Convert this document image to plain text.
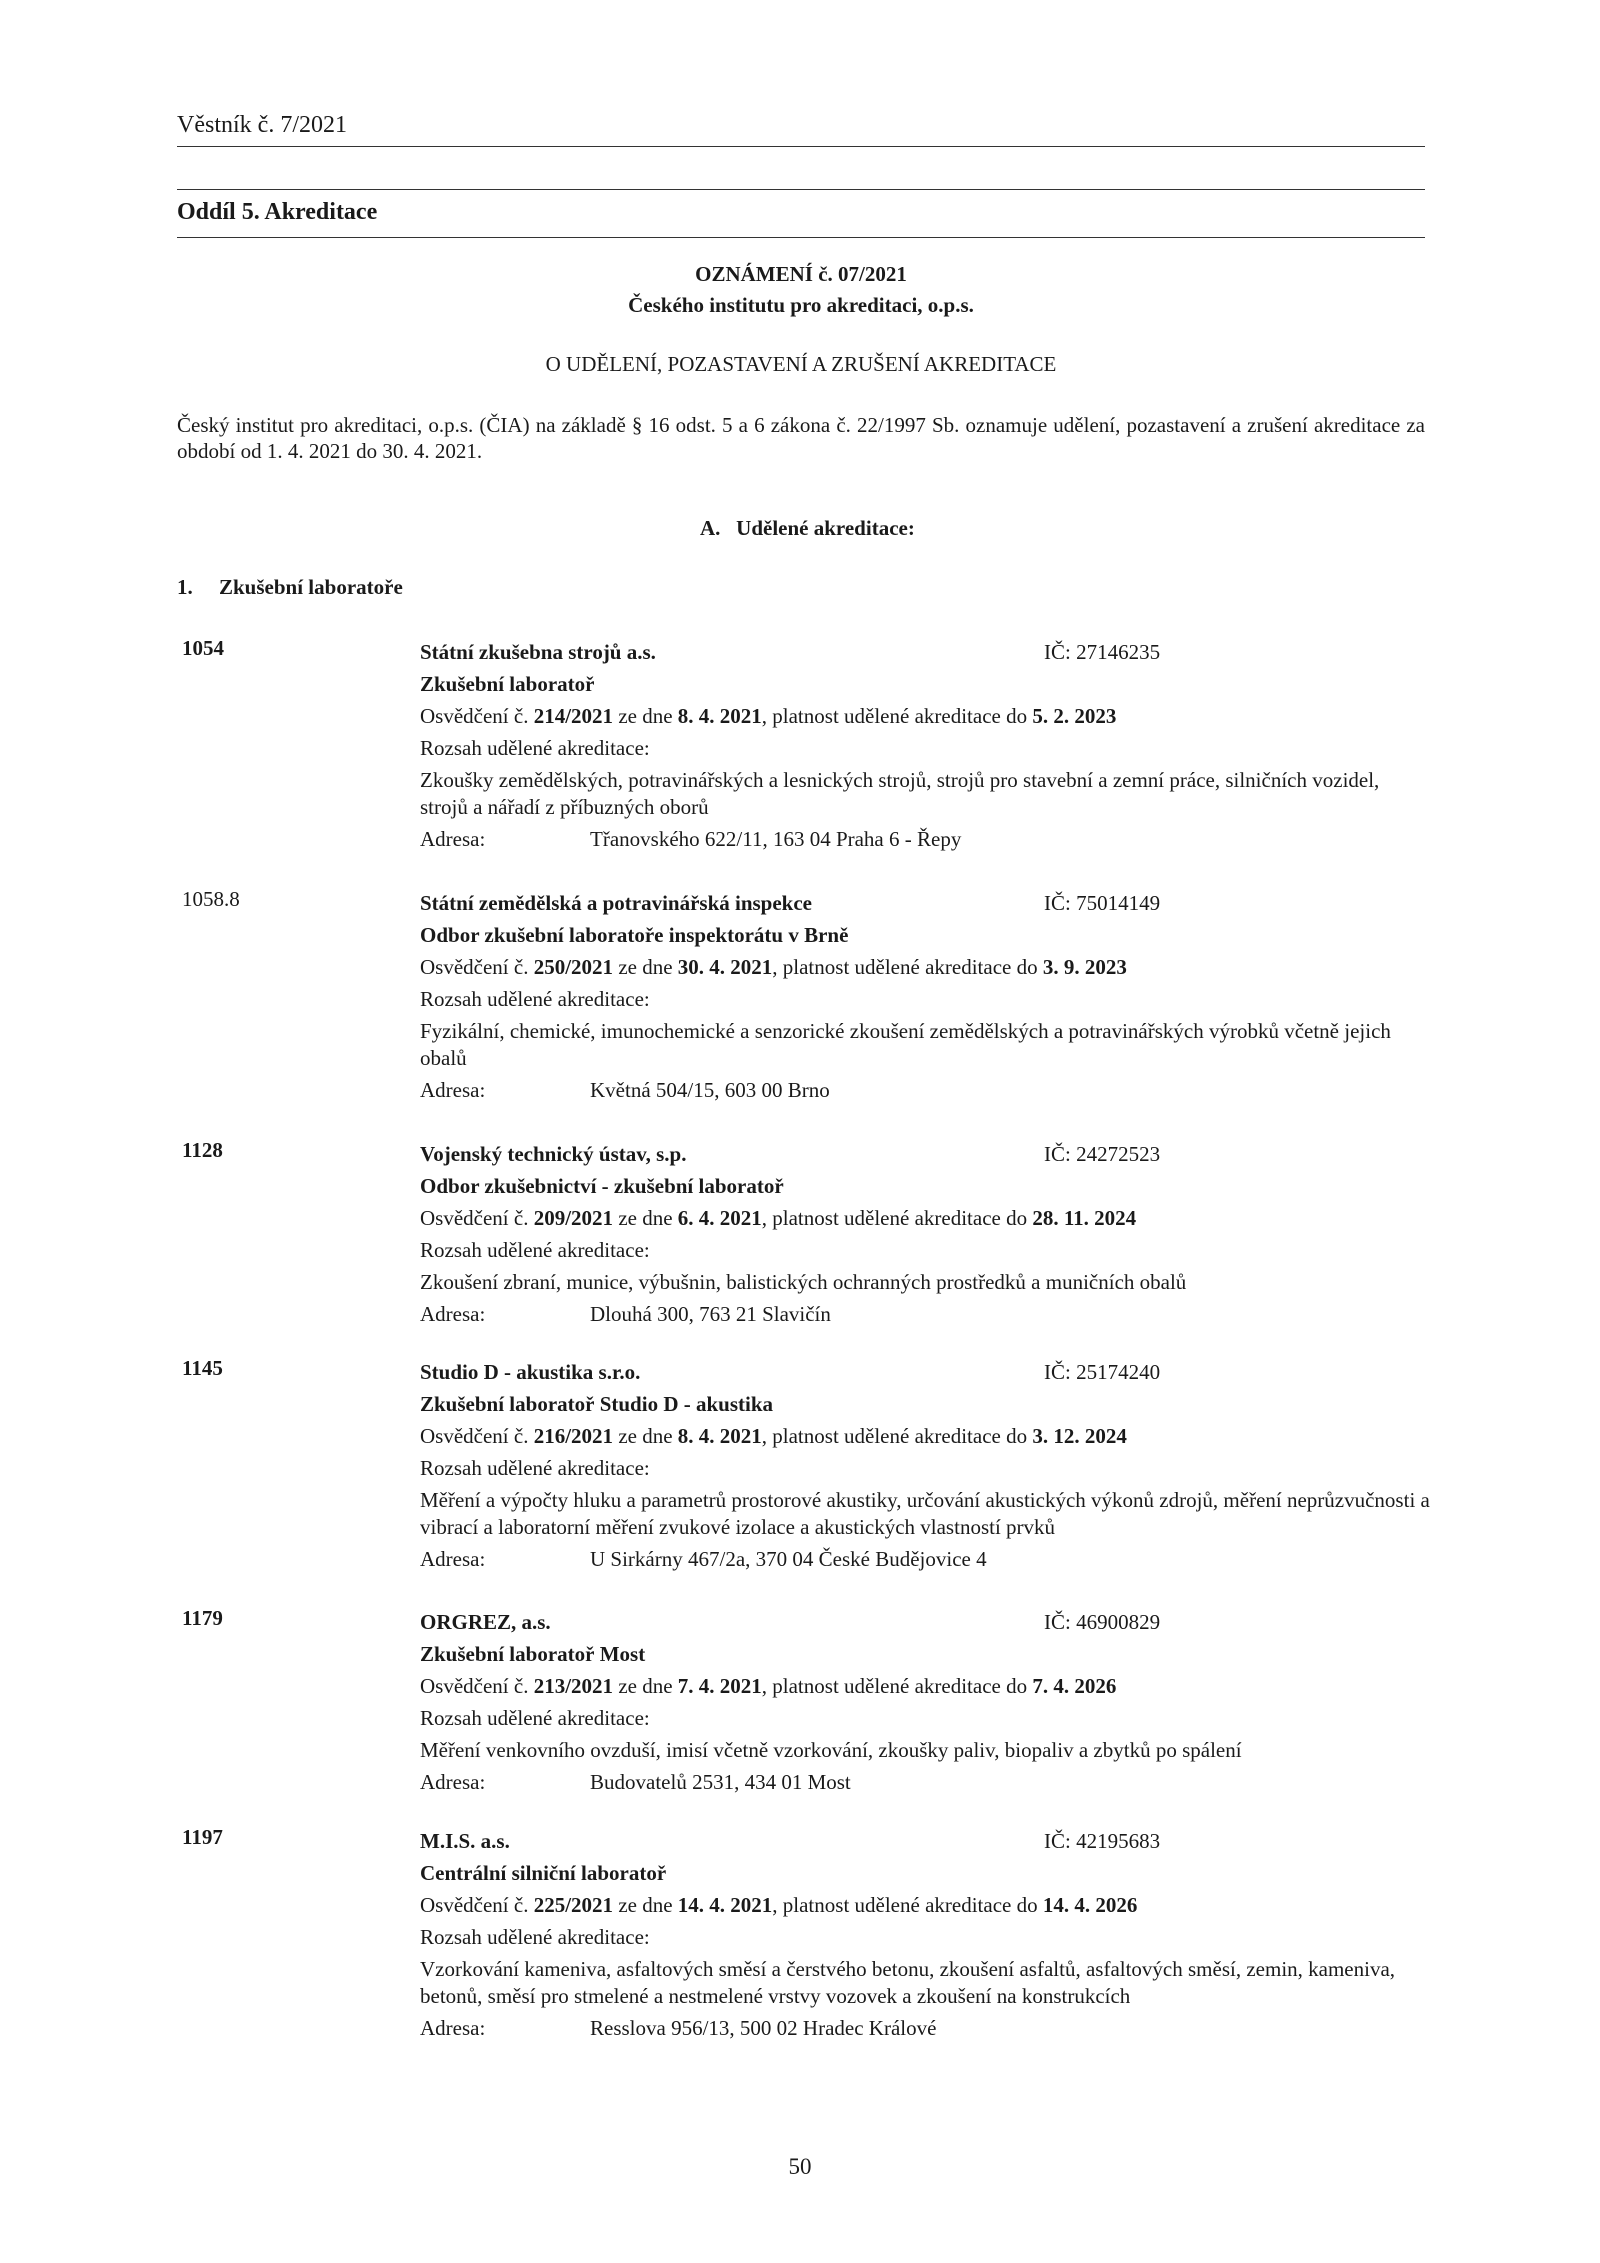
Věstník č. 7/2021
Oddíl 5. Akreditace
OZNÁMENÍ č. 07/2021
Českého institutu pro akreditaci, o.p.s.
O UDĚLENÍ, POZASTAVENÍ A ZRUŠENÍ AKREDITACE
Český institut pro akreditaci, o.p.s. (ČIA) na základě § 16 odst. 5 a 6 zákona č. 22/1997 Sb. oznamuje udělení, pozastavení a zrušení akreditace za období od 1. 4. 2021 do 30. 4. 2021.
A. Udělené akreditace:
1. Zkušební laboratoře
1054	Státní zkušebna strojů a.s.	IČ: 27146235
Zkušební laboratoř
Osvědčení č. 214/2021 ze dne 8. 4. 2021, platnost udělené akreditace do 5. 2. 2023
Rozsah udělené akreditace:
Zkoušky zemědělských, potravinářských a lesnických strojů, strojů pro stavební a zemní práce, silničních vozidel, strojů a nářadí z příbuzných oborů
Adresa:	Třanovského 622/11, 163 04 Praha 6 - Řepy
1058.8	Státní zemědělská a potravinářská inspekce	IČ: 75014149
Odbor zkušební laboratoře inspektorátu v Brně
Osvědčení č. 250/2021 ze dne 30. 4. 2021, platnost udělené akreditace do 3. 9. 2023
Rozsah udělené akreditace:
Fyzikální, chemické, imunochemické a senzorické zkoušení zemědělských a potravinářských výrobků včetně jejich obalů
Adresa:	Květná 504/15, 603 00 Brno
1128	Vojenský technický ústav, s.p.	IČ: 24272523
Odbor zkušebnictví - zkušební laboratoř
Osvědčení č. 209/2021 ze dne 6. 4. 2021, platnost udělené akreditace do 28. 11. 2024
Rozsah udělené akreditace:
Zkoušení zbraní, munice, výbušnin, balistických ochranných prostředků a muničních obalů
Adresa:	Dlouhá 300, 763 21 Slavičín
1145	Studio D - akustika s.r.o.	IČ: 25174240
Zkušební laboratoř Studio D - akustika
Osvědčení č. 216/2021 ze dne 8. 4. 2021, platnost udělené akreditace do 3. 12. 2024
Rozsah udělené akreditace:
Měření a výpočty hluku a parametrů prostorové akustiky, určování akustických výkonů zdrojů, měření neprůzvučnosti a vibrací a laboratorní měření zvukové izolace a akustických vlastností prvků
Adresa:	U Sirkárny 467/2a, 370 04 České Budějovice 4
1179	ORGREZ, a.s.	IČ: 46900829
Zkušební laboratoř Most
Osvědčení č. 213/2021 ze dne 7. 4. 2021, platnost udělené akreditace do 7. 4. 2026
Rozsah udělené akreditace:
Měření venkovního ovzduší, imisí včetně vzorkování, zkoušky paliv, biopaliv a zbytků po spálení
Adresa:	Budovatelů 2531, 434 01 Most
1197	M.I.S. a.s.	IČ: 42195683
Centrální silniční laboratoř
Osvědčení č. 225/2021 ze dne 14. 4. 2021, platnost udělené akreditace do 14. 4. 2026
Rozsah udělené akreditace:
Vzorkování kameniva, asfaltových směsí a čerstvého betonu, zkoušení asfaltů, asfaltových směsí, zemin, kameniva, betonů, směsí pro stmelené a nestmelené vrstvy vozovek a zkoušení na konstrukcích
Adresa:	Resslova 956/13, 500 02 Hradec Králové
50
